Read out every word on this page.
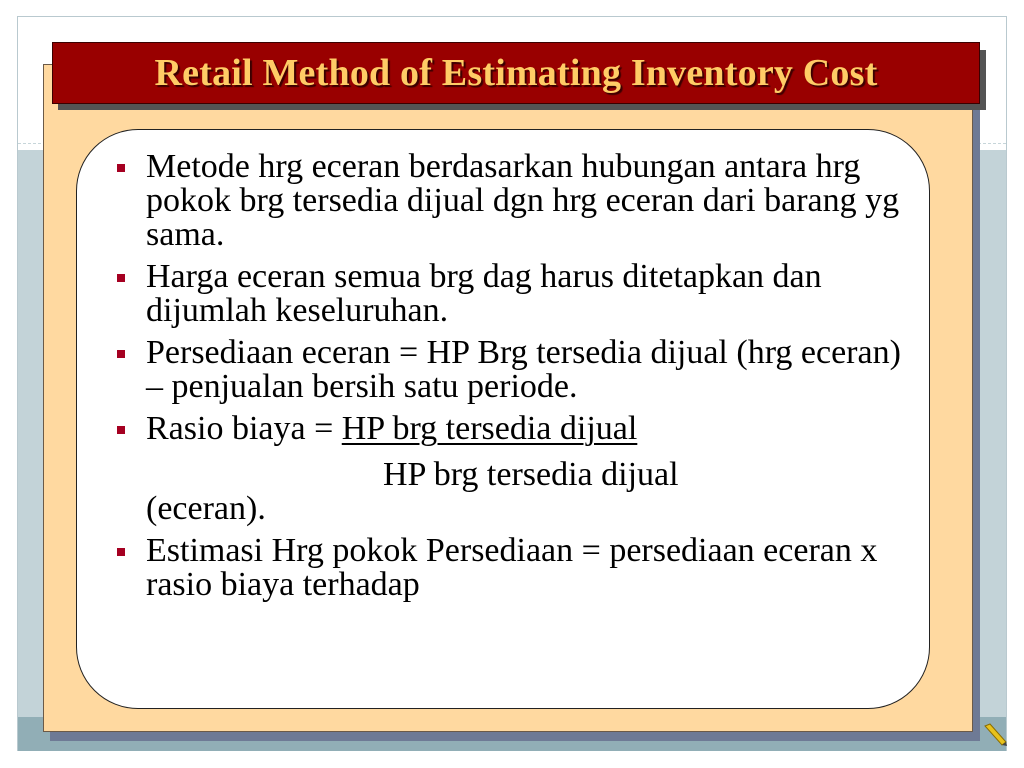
Retail Method of Estimating Inventory Cost
Metode hrg eceran berdasarkan hubungan antara hrg pokok brg tersedia dijual dgn hrg eceran dari barang yg sama.
Harga eceran semua brg dag harus ditetapkan dan dijumlah keseluruhan.
Persediaan eceran = HP Brg tersedia dijual (hrg eceran) – penjualan bersih satu periode.
Rasio biaya = HP brg tersedia dijual
HP brg tersedia dijual
(eceran).
Estimasi Hrg pokok Persediaan = persediaan eceran x rasio biaya terhadap
